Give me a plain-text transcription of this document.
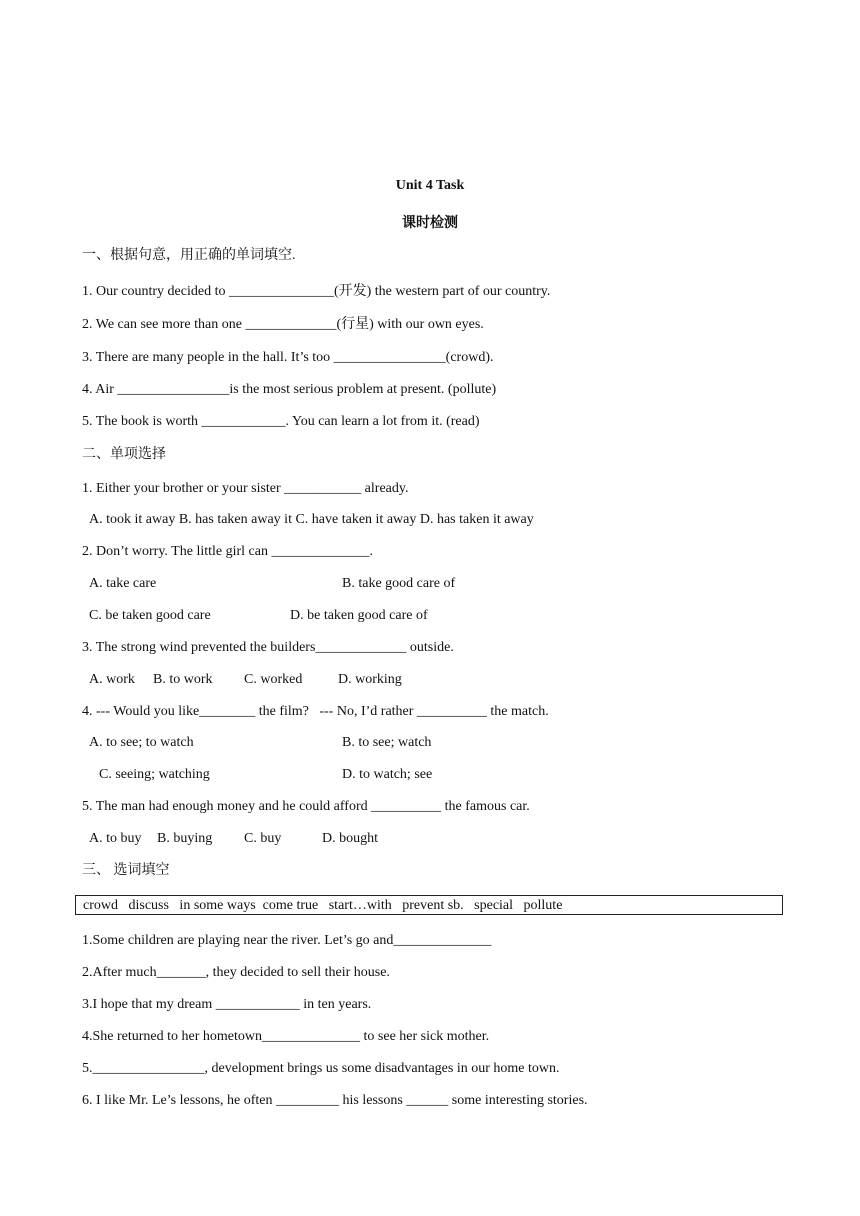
Unit 4 Task
课时检测
一、根据句意，用正确的单词填空.
1. Our country decided to _______________(开发) the western part of our country.
2. We can see more than one _____________(行星) with our own eyes.
3. There are many people in the hall. It’s too ________________(crowd).
4. Air ________________is the most serious problem at present. (pollute)
5. The book is worth ____________. You can learn a lot from it. (read)
二、单项选择
1. Either your brother or your sister ___________ already.
A. took it away B. has taken away it C. have taken it away D. has taken it away
2. Don’t worry. The little girl can ______________.
A. take care	B. take good care of
C. be taken good care	D. be taken good care of
3. The strong wind prevented the builders_____________ outside.
A. work B. to work C. worked	D. working
4. --- Would you like________ the film?   --- No, I’d rather __________ the match.
A. to see; to watch	B. to see; watch
C. seeing; watching	D. to watch; see
5. The man had enough money and he could afford __________ the famous car.
A. to buy B. buying C. buy	D. bought
三、 选词填空
crowd   discuss   in some ways  come true   start…with   prevent sb.   special   pollute
1.Some children are playing near the river. Let’s go and______________
2.After much_______, they decided to sell their house.
3.I hope that my dream ____________ in ten years.
4.She returned to her hometown______________ to see her sick mother.
5.________________, development brings us some disadvantages in our home town.
6. I like Mr. Le’s lessons, he often _________ his lessons ______ some interesting stories.
